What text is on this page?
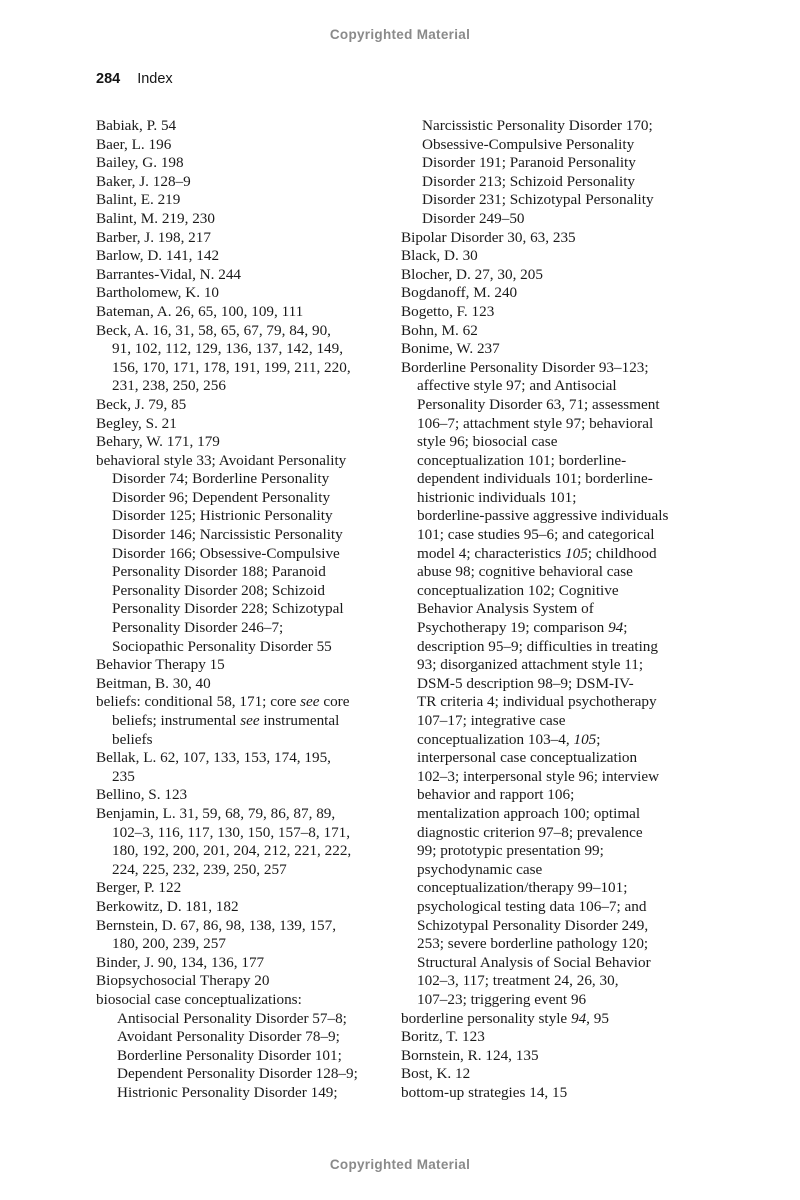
Copyrighted Material
284 Index
Babiak, P. 54
Baer, L. 196
Bailey, G. 198
Baker, J. 128–9
Balint, E. 219
Balint, M. 219, 230
Barber, J. 198, 217
Barlow, D. 141, 142
Barrantes-Vidal, N. 244
Bartholomew, K. 10
Bateman, A. 26, 65, 100, 109, 111
Beck, A. 16, 31, 58, 65, 67, 79, 84, 90,
91, 102, 112, 129, 136, 137, 142, 149,
156, 170, 171, 178, 191, 199, 211, 220,
231, 238, 250, 256
Beck, J. 79, 85
Begley, S. 21
Behary, W. 171, 179
behavioral style 33; Avoidant Personality
Disorder 74; Borderline Personality
Disorder 96; Dependent Personality
Disorder 125; Histrionic Personality
Disorder 146; Narcissistic Personality
Disorder 166; Obsessive-Compulsive
Personality Disorder 188; Paranoid
Personality Disorder 208; Schizoid
Personality Disorder 228; Schizotypal
Personality Disorder 246–7;
Sociopathic Personality Disorder 55
Behavior Therapy 15
Beitman, B. 30, 40
beliefs: conditional 58, 171; core see core
beliefs; instrumental see instrumental
beliefs
Bellak, L. 62, 107, 133, 153, 174, 195,
235
Bellino, S. 123
Benjamin, L. 31, 59, 68, 79, 86, 87, 89,
102–3, 116, 117, 130, 150, 157–8, 171,
180, 192, 200, 201, 204, 212, 221, 222,
224, 225, 232, 239, 250, 257
Berger, P. 122
Berkowitz, D. 181, 182
Bernstein, D. 67, 86, 98, 138, 139, 157,
180, 200, 239, 257
Binder, J. 90, 134, 136, 177
Biopsychosocial Therapy 20
biosocial case conceptualizations:
Antisocial Personality Disorder 57–8;
Avoidant Personality Disorder 78–9;
Borderline Personality Disorder 101;
Dependent Personality Disorder 128–9;
Histrionic Personality Disorder 149;
Narcissistic Personality Disorder 170;
Obsessive-Compulsive Personality
Disorder 191; Paranoid Personality
Disorder 213; Schizoid Personality
Disorder 231; Schizotypal Personality
Disorder 249–50
Bipolar Disorder 30, 63, 235
Black, D. 30
Blocher, D. 27, 30, 205
Bogdanoff, M. 240
Bogetto, F. 123
Bohn, M. 62
Bonime, W. 237
Borderline Personality Disorder 93–123;
affective style 97; and Antisocial
Personality Disorder 63, 71; assessment
106–7; attachment style 97; behavioral
style 96; biosocial case
conceptualization 101; borderline-
dependent individuals 101; borderline-
histrionic individuals 101;
borderline-passive aggressive individuals
101; case studies 95–6; and categorical
model 4; characteristics 105; childhood
abuse 98; cognitive behavioral case
conceptualization 102; Cognitive
Behavior Analysis System of
Psychotherapy 19; comparison 94;
description 95–9; difficulties in treating
93; disorganized attachment style 11;
DSM-5 description 98–9; DSM-IV-
TR criteria 4; individual psychotherapy
107–17; integrative case
conceptualization 103–4, 105;
interpersonal case conceptualization
102–3; interpersonal style 96; interview
behavior and rapport 106;
mentalization approach 100; optimal
diagnostic criterion 97–8; prevalence
99; prototypic presentation 99;
psychodynamic case
conceptualization/therapy 99–101;
psychological testing data 106–7; and
Schizotypal Personality Disorder 249,
253; severe borderline pathology 120;
Structural Analysis of Social Behavior
102–3, 117; treatment 24, 26, 30,
107–23; triggering event 96
borderline personality style 94, 95
Boritz, T. 123
Bornstein, R. 124, 135
Bost, K. 12
bottom-up strategies 14, 15
Copyrighted Material
